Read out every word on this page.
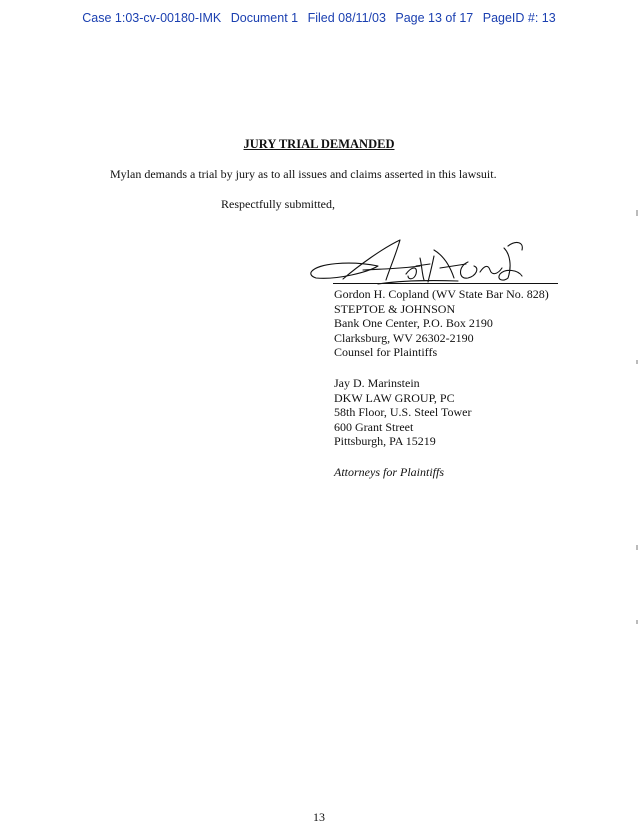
Case 1:03-cv-00180-IMK Document 1 Filed 08/11/03 Page 13 of 17 PageID #: 13
JURY TRIAL DEMANDED
Mylan demands a trial by jury as to all issues and claims asserted in this lawsuit.
Respectfully submitted,
Gordon H. Copland (WV State Bar No. 828)
STEPTOE & JOHNSON
Bank One Center, P.O. Box 2190
Clarksburg, WV 26302-2190
Counsel for Plaintiffs
Jay D. Marinstein
DKW LAW GROUP, PC
58th Floor, U.S. Steel Tower
600 Grant Street
Pittsburgh, PA 15219
Attorneys for Plaintiffs
13
